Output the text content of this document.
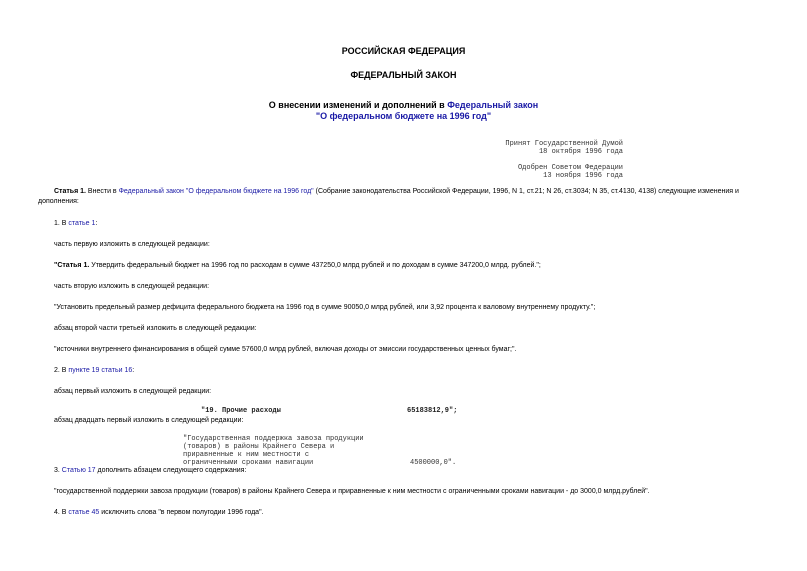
РОССИЙСКАЯ ФЕДЕРАЦИЯ
ФЕДЕРАЛЬНЫЙ ЗАКОН
О внесении изменений и дополнений в Федеральный закон
"О федеральном бюджете на 1996 год"
Принят Государственной Думой
18 октября 1996 года
Одобрен Советом Федерации
13 ноября 1996 года
Статья 1. Внести в Федеральный закон "О федеральном бюджете на 1996 год" (Собрание законодательства Российской Федерации, 1996, N 1, ст.21; N 26, ст.3034; N 35, ст.4130, 4138) следующие изменения и
дополнения:
1. В статье 1:
часть первую изложить в следующей редакции:
"Статья 1. Утвердить федеральный бюджет на 1996 год по расходам в сумме 437250,0 млрд рублей и по доходам в сумме 347200,0 млрд. рублей.";
часть вторую изложить в следующей редакции:
"Установить предельный размер дефицита федерального бюджета на 1996 год в сумме 90050,0 млрд рублей, или 3,92 процента к валовому внутреннему продукту.";
абзац второй части третьей изложить в следующей редакции:
"источники внутреннего финансирования в общей сумме 57600,0 млрд рублей, включая доходы от эмиссии государственных ценных бумаг;".
2. В пункте 19 статьи 16:
абзац первый изложить в следующей редакции:
"19. Прочие расходы	65183812,9";
абзац двадцать первый изложить в следующей редакции:
"Государственная поддержка завоза продукции
(товаров) в районы Крайнего Севера и
приравненные к ним местности с
ограниченными сроками навигации	4500000,0".
3. Статью 17 дополнить абзацем следующего содержания:
"государственной поддержки завоза продукции (товаров) в районы Крайнего Севера и приравненные к ним местности с ограниченными сроками навигации - до 3000,0 млрд.рублей".
4. В статье 45 исключить слова "в первом полугодии 1996 года".
